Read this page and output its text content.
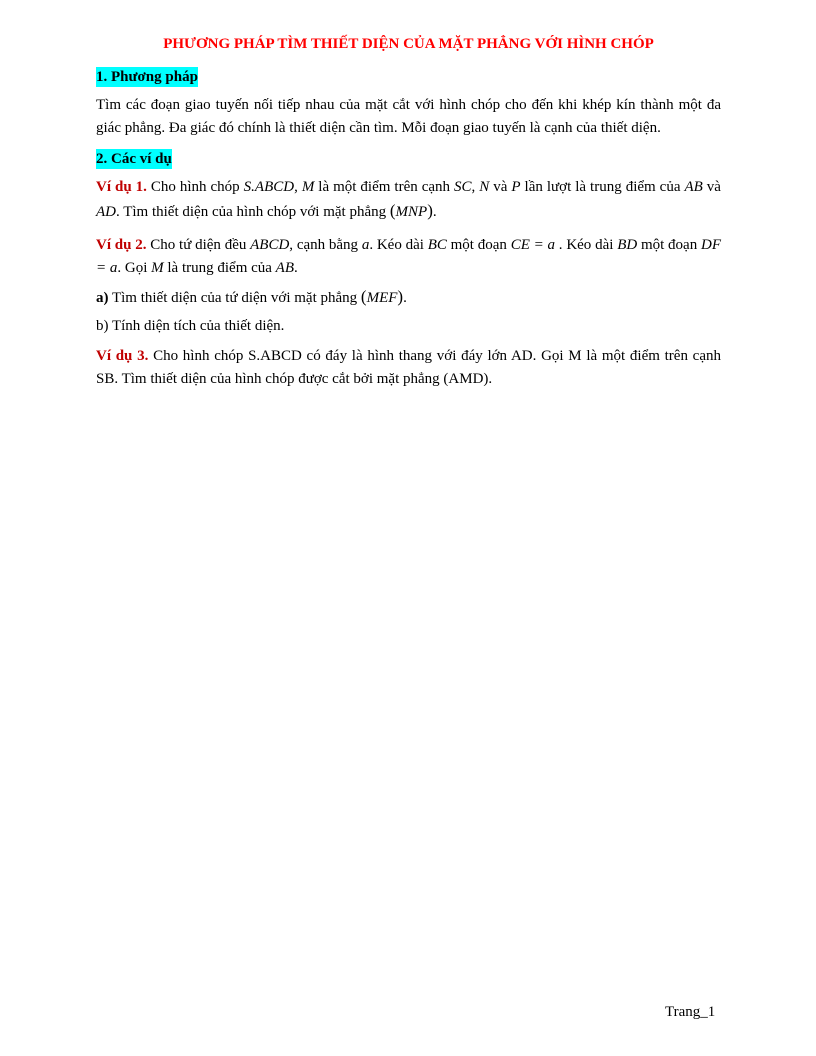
PHƯƠNG PHÁP TÌM THIẾT DIỆN CỦA MẶT PHẲNG VỚI HÌNH CHÓP
1. Phương pháp
Tìm các đoạn giao tuyến nối tiếp nhau của mặt cắt với hình chóp cho đến khi khép kín thành một đa giác phẳng. Đa giác đó chính là thiết diện cần tìm. Mỗi đoạn giao tuyến là cạnh của thiết diện.
2. Các ví dụ
Ví dụ 1. Cho hình chóp S.ABCD, M là một điểm trên cạnh SC, N và P lần lượt là trung điểm của AB và AD. Tìm thiết diện của hình chóp với mặt phẳng (MNP).
Ví dụ 2. Cho tứ diện đều ABCD, cạnh bằng a. Kéo dài BC một đoạn CE = a . Kéo dài BD một đoạn DF = a. Gọi M là trung điểm của AB.
a) Tìm thiết diện của tứ diện với mặt phẳng (MEF).
b) Tính diện tích của thiết diện.
Ví dụ 3. Cho hình chóp S.ABCD có đáy là hình thang với đáy lớn AD. Gọi M là một điểm trên cạnh SB. Tìm thiết diện của hình chóp được cắt bởi mặt phẳng (AMD).
Trang_1
